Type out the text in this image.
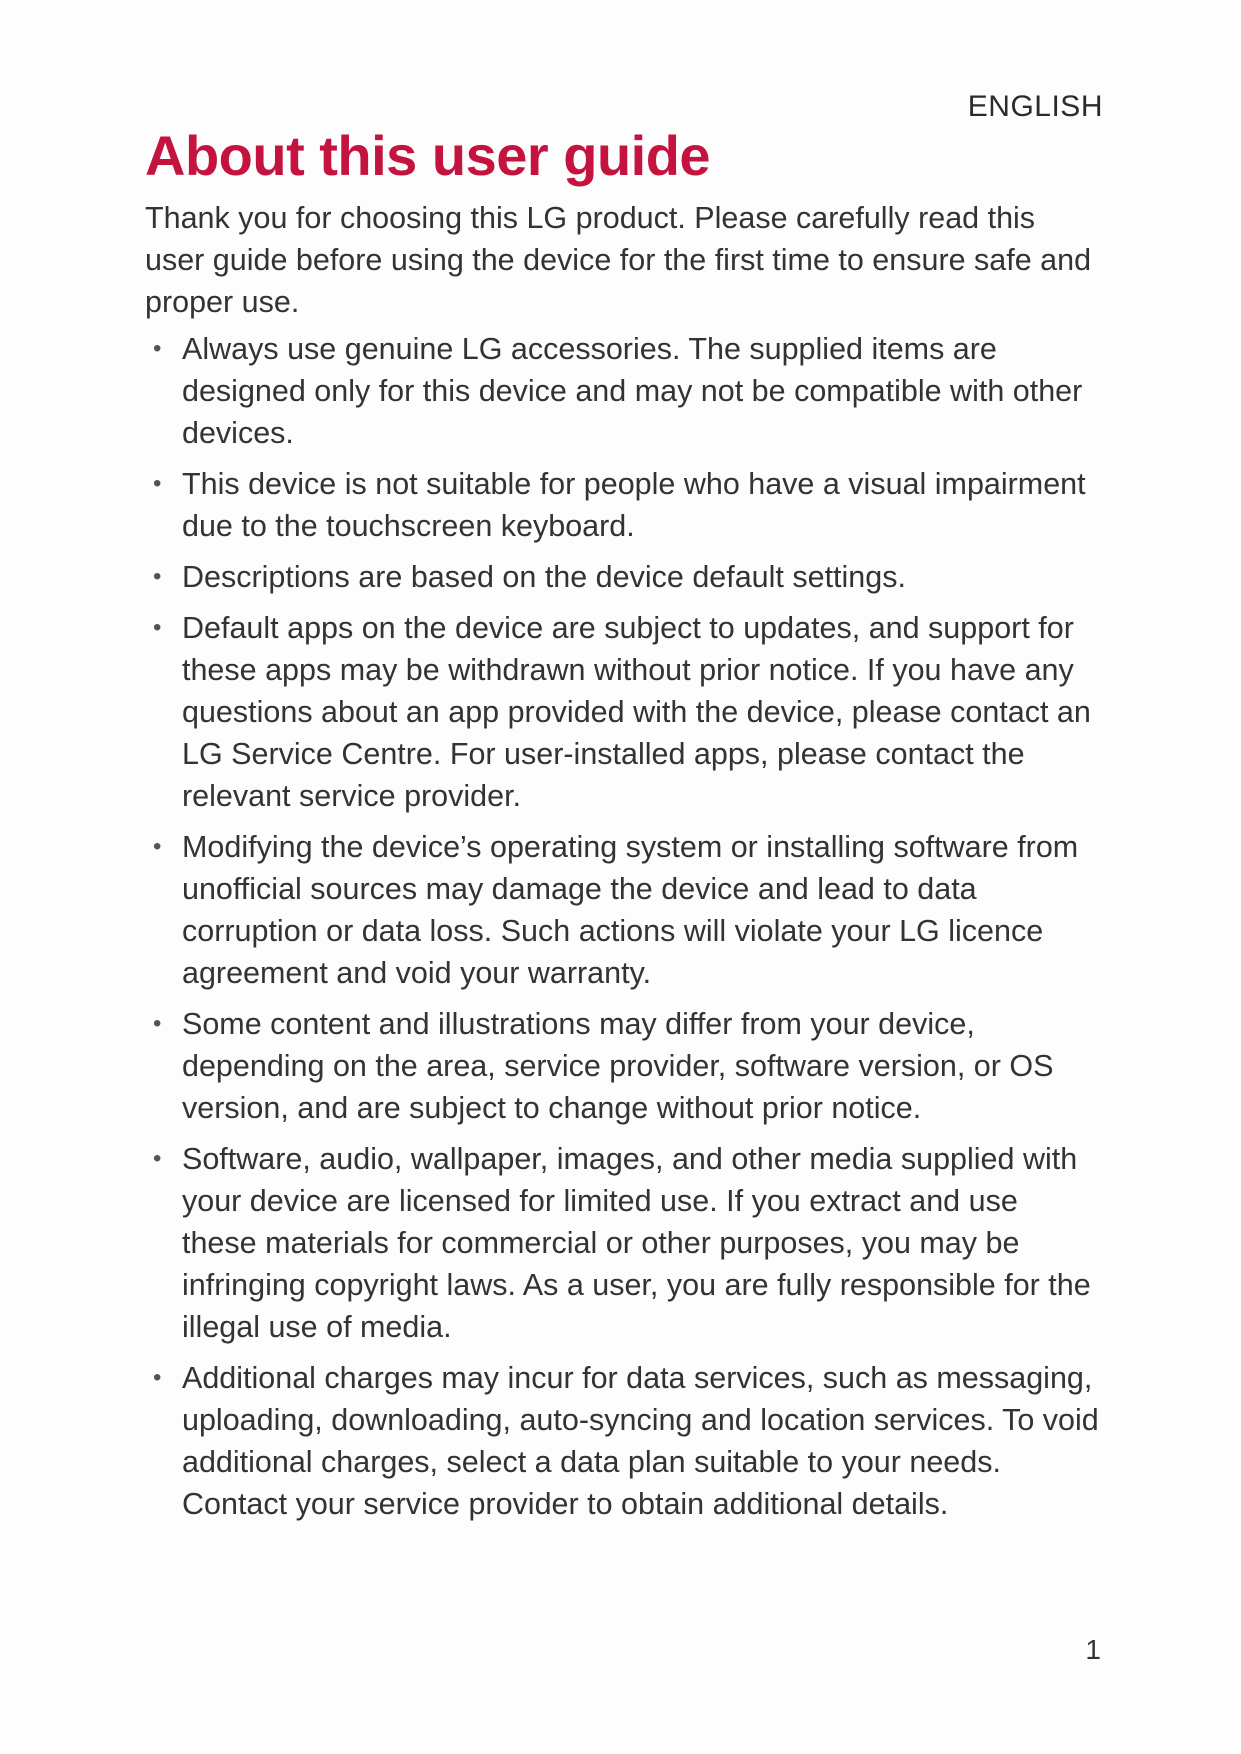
ENGLISH
About this user guide

Thank you for choosing this LG product. Please carefully read this user guide before using the device for the first time to ensure safe and proper use.

• Always use genuine LG accessories. The supplied items are designed only for this device and may not be compatible with other devices.
• This device is not suitable for people who have a visual impairment due to the touchscreen keyboard.
• Descriptions are based on the device default settings.
• Default apps on the device are subject to updates, and support for these apps may be withdrawn without prior notice. If you have any questions about an app provided with the device, please contact an LG Service Centre. For user-installed apps, please contact the relevant service provider.
• Modifying the device’s operating system or installing software from unofficial sources may damage the device and lead to data corruption or data loss. Such actions will violate your LG licence agreement and void your warranty.
• Some content and illustrations may differ from your device, depending on the area, service provider, software version, or OS version, and are subject to change without prior notice.
• Software, audio, wallpaper, images, and other media supplied with your device are licensed for limited use. If you extract and use these materials for commercial or other purposes, you may be infringing copyright laws. As a user, you are fully responsible for the illegal use of media.
• Additional charges may incur for data services, such as messaging, uploading, downloading, auto-syncing and location services. To void additional charges, select a data plan suitable to your needs. Contact your service provider to obtain additional details.
1
